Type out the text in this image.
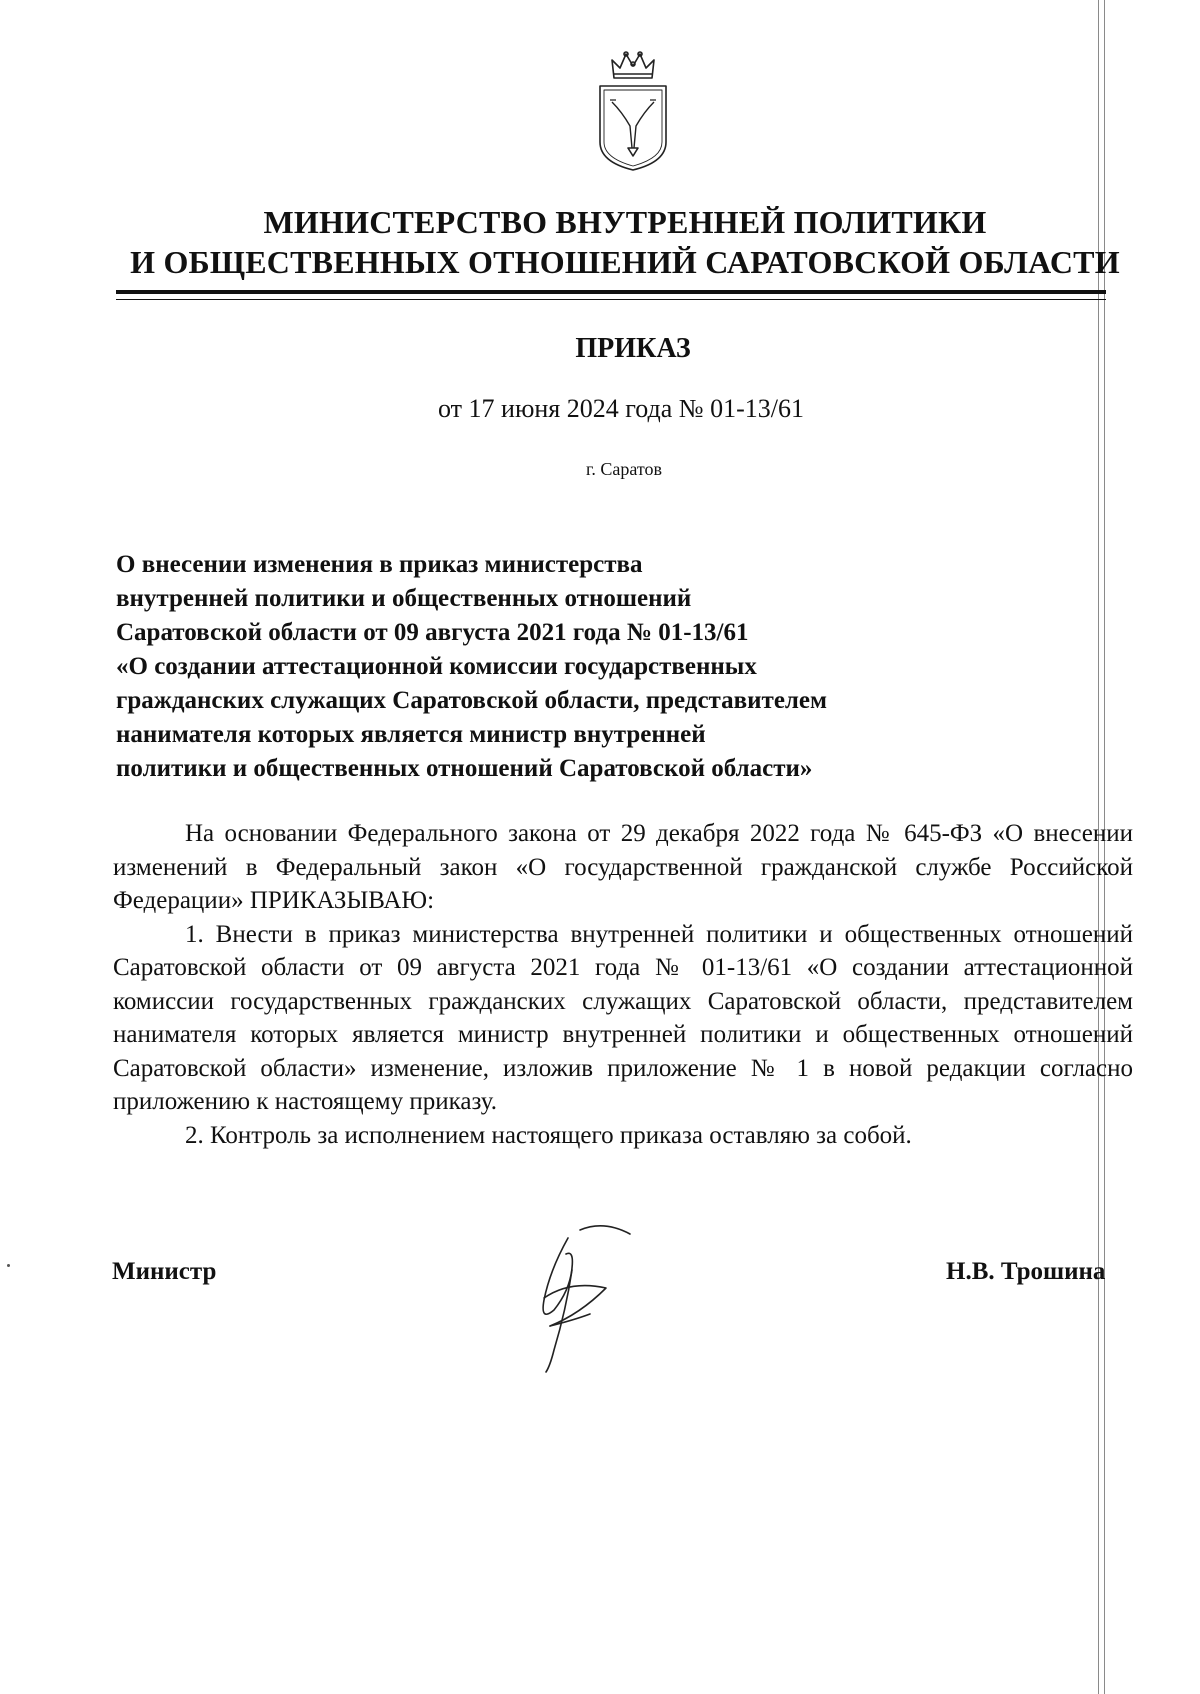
МИНИСТЕРСТВО ВНУТРЕННЕЙ ПОЛИТИКИ
И ОБЩЕСТВЕННЫХ ОТНОШЕНИЙ САРАТОВСКОЙ ОБЛАСТИ
ПРИКАЗ
от 17 июня 2024 года № 01-13/61
г. Саратов
О внесении изменения в приказ министерства
внутренней политики и общественных отношений
Саратовской области от 09 августа 2021 года № 01-13/61
«О создании аттестационной комиссии государственных
гражданских служащих Саратовской области, представителем
нанимателя которых является министр внутренней
политики и общественных отношений Саратовской области»

На основании Федерального закона от 29 декабря 2022 года № 645-ФЗ «О внесении изменений в Федеральный закон «О государственной гражданской службе Российской Федерации» ПРИКАЗЫВАЮ:

1. Внести в приказ министерства внутренней политики и общественных отношений Саратовской области от 09 августа 2021 года № 01-13/61 «О создании аттестационной комиссии государственных гражданских служащих Саратовской области, представителем нанимателя которых является министр внутренней политики и общественных отношений Саратовской области» изменение, изложив приложение № 1 в новой редакции согласно приложению к настоящему приказу.

2. Контроль за исполнением настоящего приказа оставляю за собой.

Министр	Н.В. Трошина
